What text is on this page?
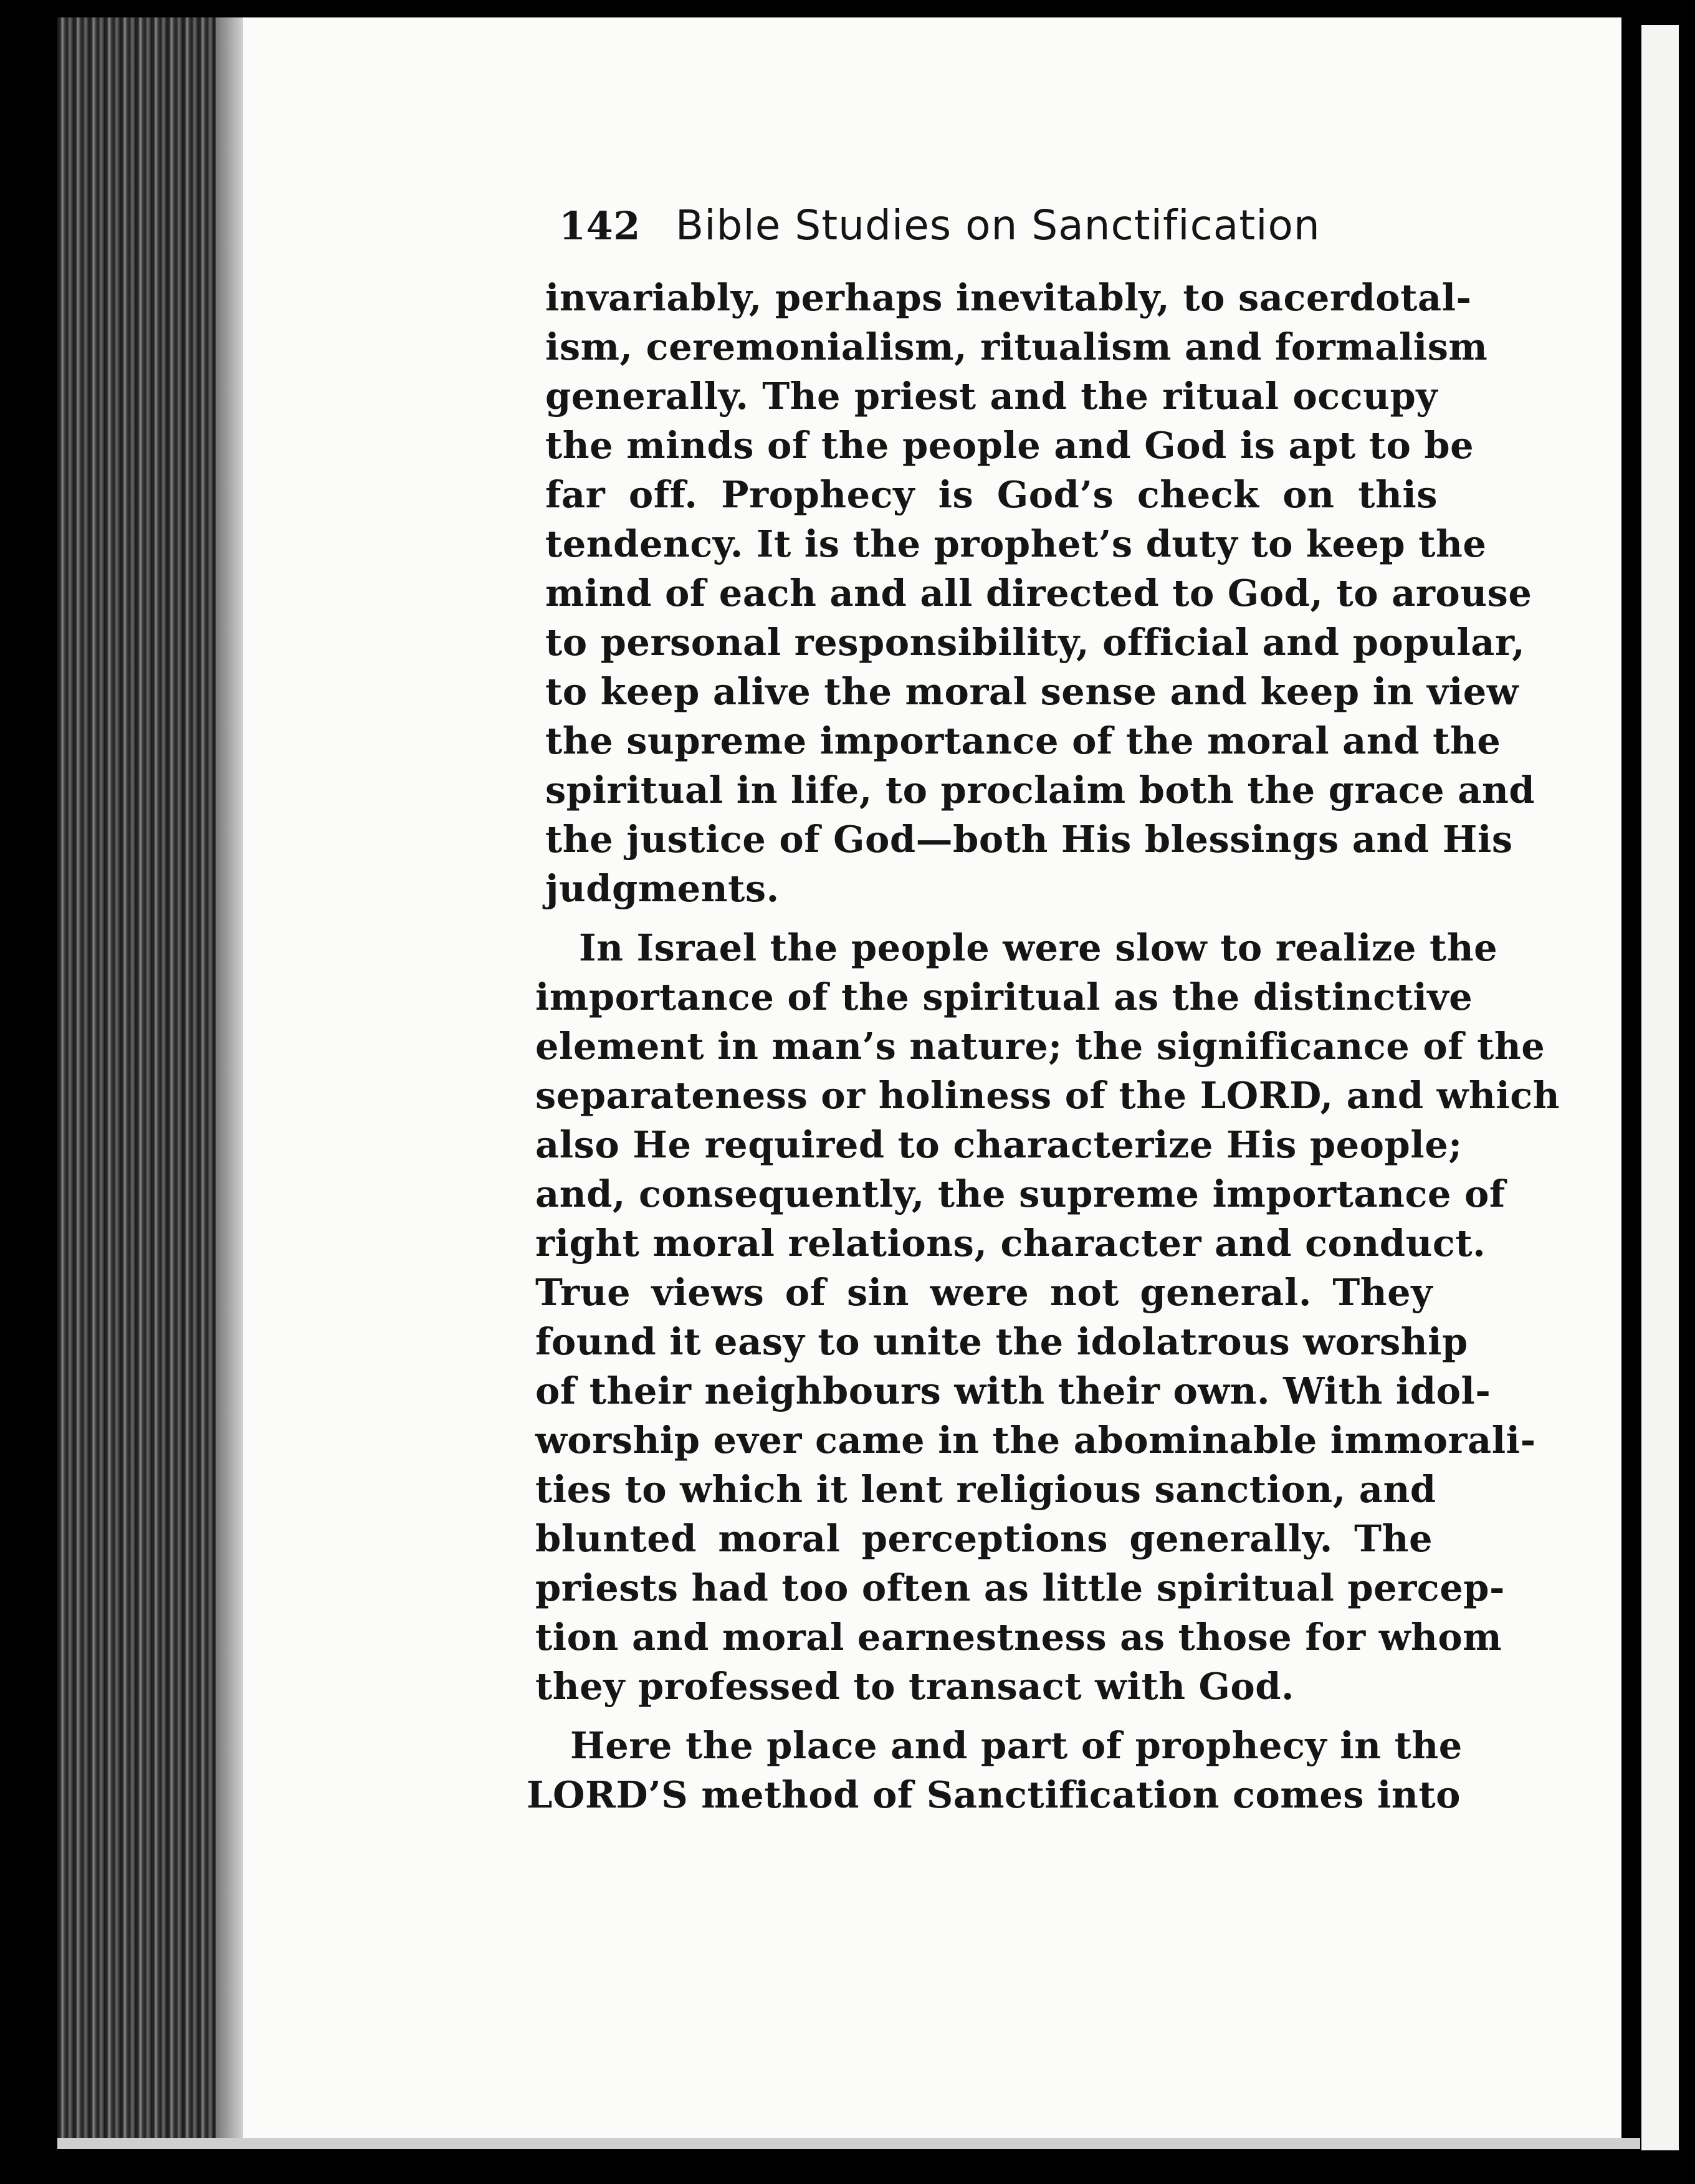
142 Bible Studies on Sanctification
invariably, perhaps inevitably, to sacerdotal-
ism, ceremonialism, ritualism and formalism
generally. The priest and the ritual occupy
the minds of the people and God is apt to be
far off. Prophecy is God’s check on this
tendency. It is the prophet’s duty to keep the
mind of each and all directed to God, to arouse
to personal responsibility, official and popular,
to keep alive the moral sense and keep in view
the supreme importance of the moral and the
spiritual in life, to proclaim both the grace and
the justice of God—both His blessings and His
judgments.
In Israel the people were slow to realize the
importance of the spiritual as the distinctive
element in man’s nature; the significance of the
separateness or holiness of the LORD, and which
also He required to characterize His people;
and, consequently, the supreme importance of
right moral relations, character and conduct.
True views of sin were not general. They
found it easy to unite the idolatrous worship
of their neighbours with their own. With idol-
worship ever came in the abominable immorali-
ties to which it lent religious sanction, and
blunted moral perceptions generally. The
priests had too often as little spiritual percep-
tion and moral earnestness as those for whom
they professed to transact with God.
Here the place and part of prophecy in the
LORD’S method of Sanctification comes into
